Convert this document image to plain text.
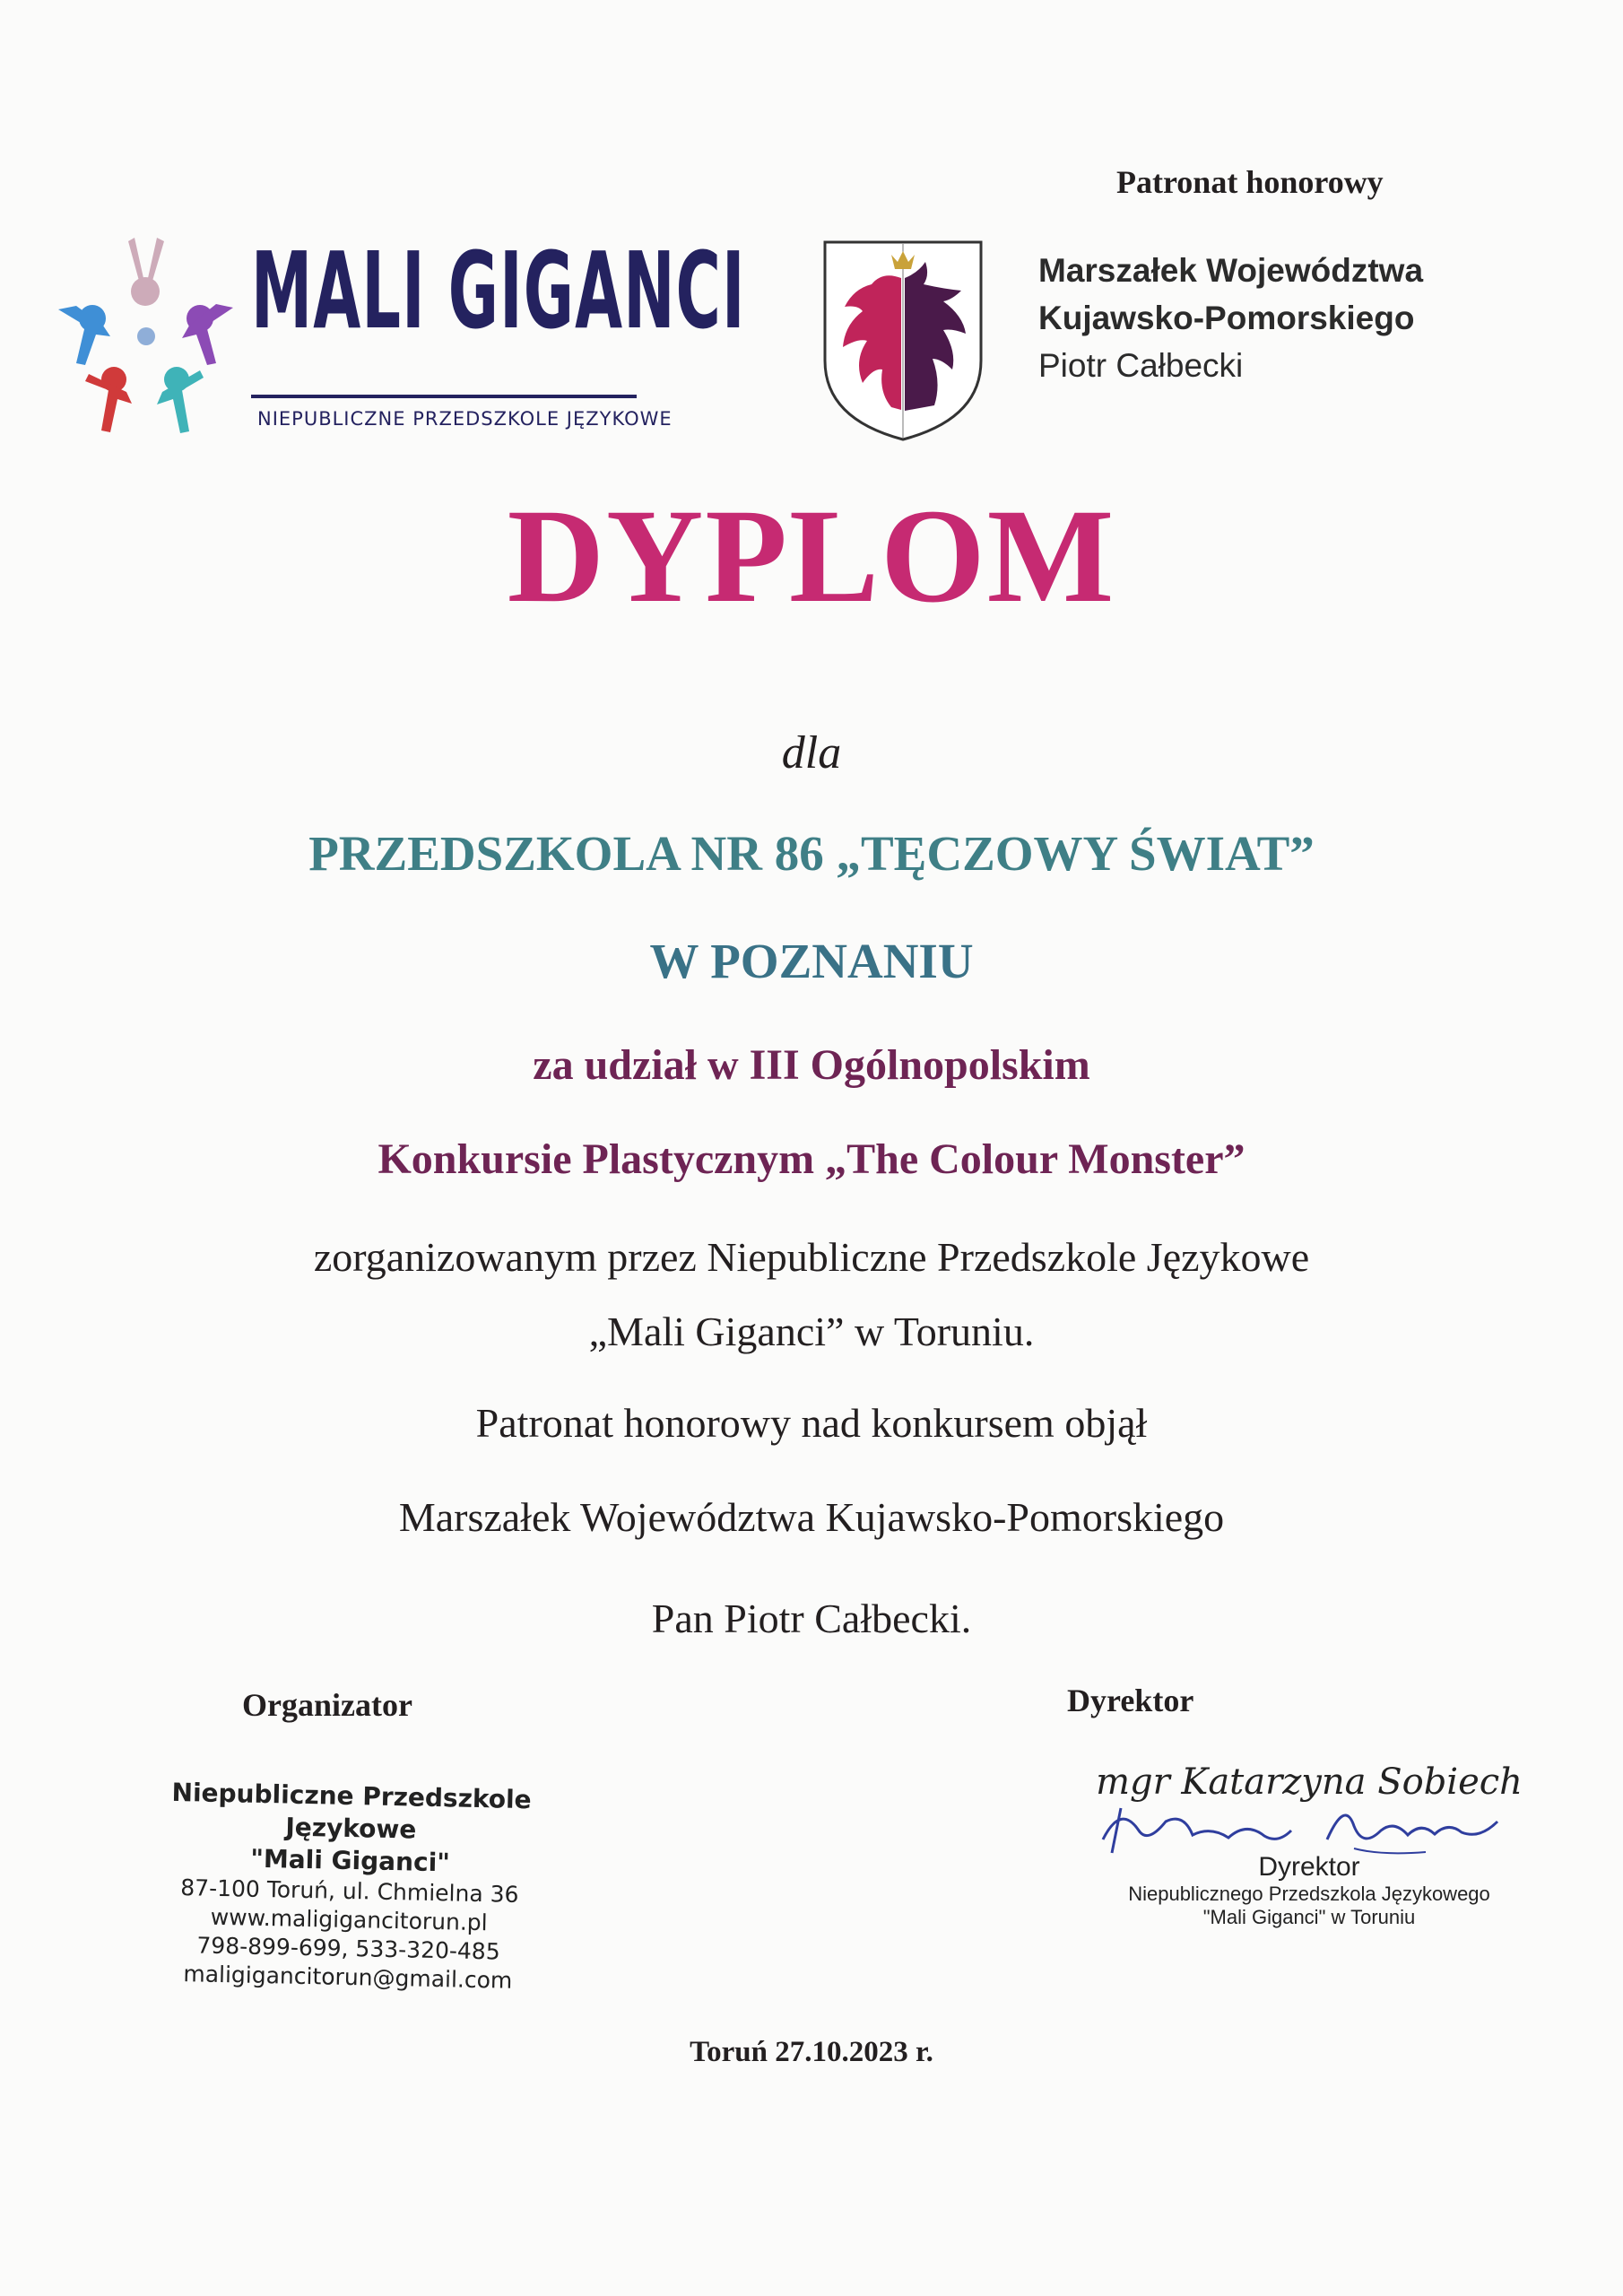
MALI GIGANCI
NIEPUBLICZNE PRZEDSZKOLE JĘZYKOWE
Patronat honorowy
Marszałek Województwa
Kujawsko-Pomorskiego
Piotr Całbecki
DYPLOM
dla
PRZEDSZKOLA NR 86 „TĘCZOWY ŚWIAT”
W POZNANIU
za udział w III Ogólnopolskim
Konkursie Plastycznym „The Colour Monster”
zorganizowanym przez Niepubliczne Przedszkole Językowe
„Mali Giganci” w Toruniu.
Patronat honorowy nad konkursem objął
Marszałek Województwa Kujawsko-Pomorskiego
Pan Piotr Całbecki.
Organizator	Dyrektor
Niepubliczne Przedszkole Językowe
"Mali Giganci"
87-100 Toruń, ul. Chmielna 36
www.maligigancitorun.pl
798-899-699, 533-320-485
maligigancitorun@gmail.com
mgr Katarzyna Sobiech
Dyrektor
Niepublicznego Przedszkola Językowego
"Mali Giganci" w Toruniu
Toruń 27.10.2023 r.
